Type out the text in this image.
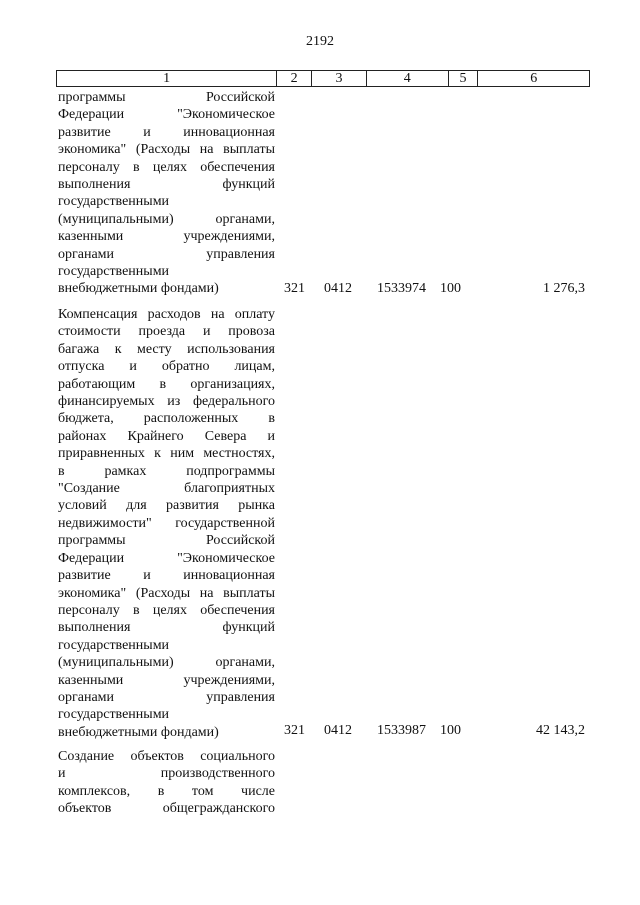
2192
1	2	3	4	5	6
программы Российской
Федерации "Экономическое
развитие и инновационная
экономика" (Расходы на выплаты
персоналу в целях обеспечения
выполнения функций
государственными
(муниципальными) органами,
казенными учреждениями,
органами управления
государственными
внебюджетными фондами)	321 0412 1533974 100	1 276,3
Компенсация расходов на оплату
стоимости проезда и провоза
багажа к месту использования
отпуска и обратно лицам,
работающим в организациях,
финансируемых из федерального
бюджета, расположенных в
районах Крайнего Севера и
приравненных к ним местностях,
в рамках подпрограммы
"Создание благоприятных
условий для развития рынка
недвижимости" государственной
программы Российской
Федерации "Экономическое
развитие и инновационная
экономика" (Расходы на выплаты
персоналу в целях обеспечения
выполнения функций
государственными
(муниципальными) органами,
казенными учреждениями,
органами управления
государственными
внебюджетными фондами)	321 0412 1533987 100	42 143,2
Создание объектов социального
и производственного
комплексов, в том числе
объектов общегражданского
